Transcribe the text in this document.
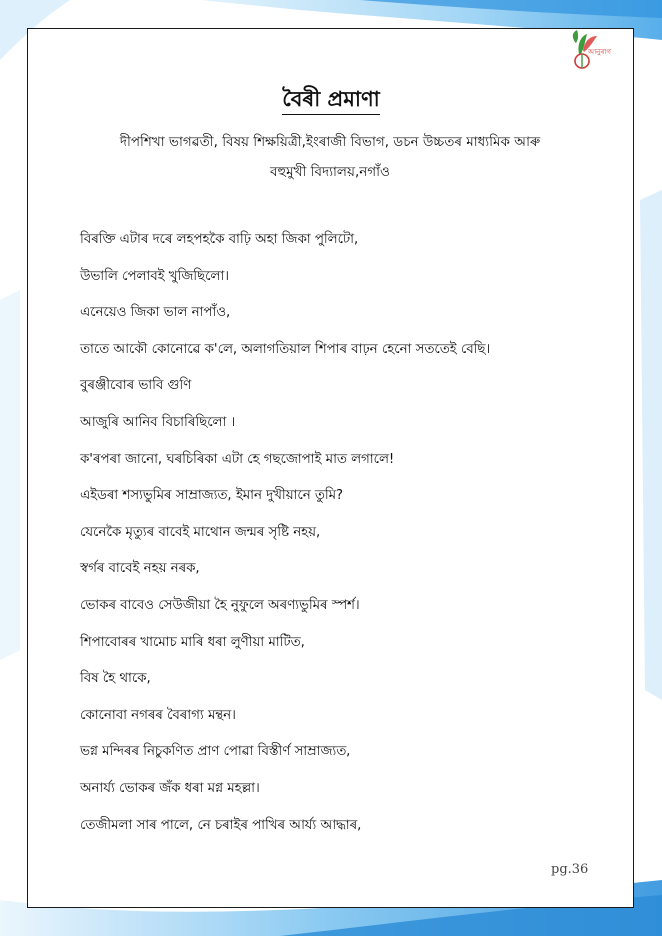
আনুৰাগ
বৈৰী প্ৰমাণা
দীপশিখা ভাগৱতী, বিষয় শিক্ষয়িত্ৰী,ইংৰাজী বিভাগ, ডচন উচ্চতৰ মাধ্যমিক আৰু
বহুমুখী বিদ্যালয়,নগাঁও
বিৰক্তি এটাৰ দৰে লহপহকৈ বাঢ়ি অহা জিকা পুলিটো,
উভালি পেলাবই খুজিছিলো।
এনেয়েও জিকা ভাল নাপাঁও,
তাতে আকৌ কোনোৱে ক'লে, অলাগতিয়াল শিপাৰ বাঢ়ন হেনো সততেই বেছি।
বুৰঞ্জীবোৰ ভাবি গুণি
আজুৰি আনিব বিচাৰিছিলো ।
ক'ৰপৰা জানো, ঘৰচিৰিকা এটা হে গছজোপাই মাত লগালে!
এইডৰা শস্যভুমিৰ সাম্ৰাজ্যত, ইমান দুখীয়ানে তুমি?
যেনেকৈ মৃত্যুৰ বাবেই মাথোন জন্মৰ সৃষ্টি নহয়,
স্বৰ্গৰ বাবেই নহয় নৰক,
ভোকৰ বাবেও সেউজীয়া হৈ নুফুলে অৰণ্যভুমিৰ স্পৰ্শ।
শিপাবোৰৰ খামোচ মাৰি ধৰা লুণীয়া মাটিত,
বিষ হৈ থাকে,
কোনোবা নগৰৰ বৈৰাগ্য মন্থন।
ভগ্ন মন্দিৰৰ নিচুকণিত প্ৰাণ পোৱা বিস্তীৰ্ণ সাম্ৰাজ্যত,
অনাৰ্য্য ভোকৰ জঁক ধৰা মগ্ন মহল্লা।
তেজীমলা সাৰ পালে, নে চৰাইৰ পাখিৰ আৰ্য্য আদ্ধাৰ,
pg.36
